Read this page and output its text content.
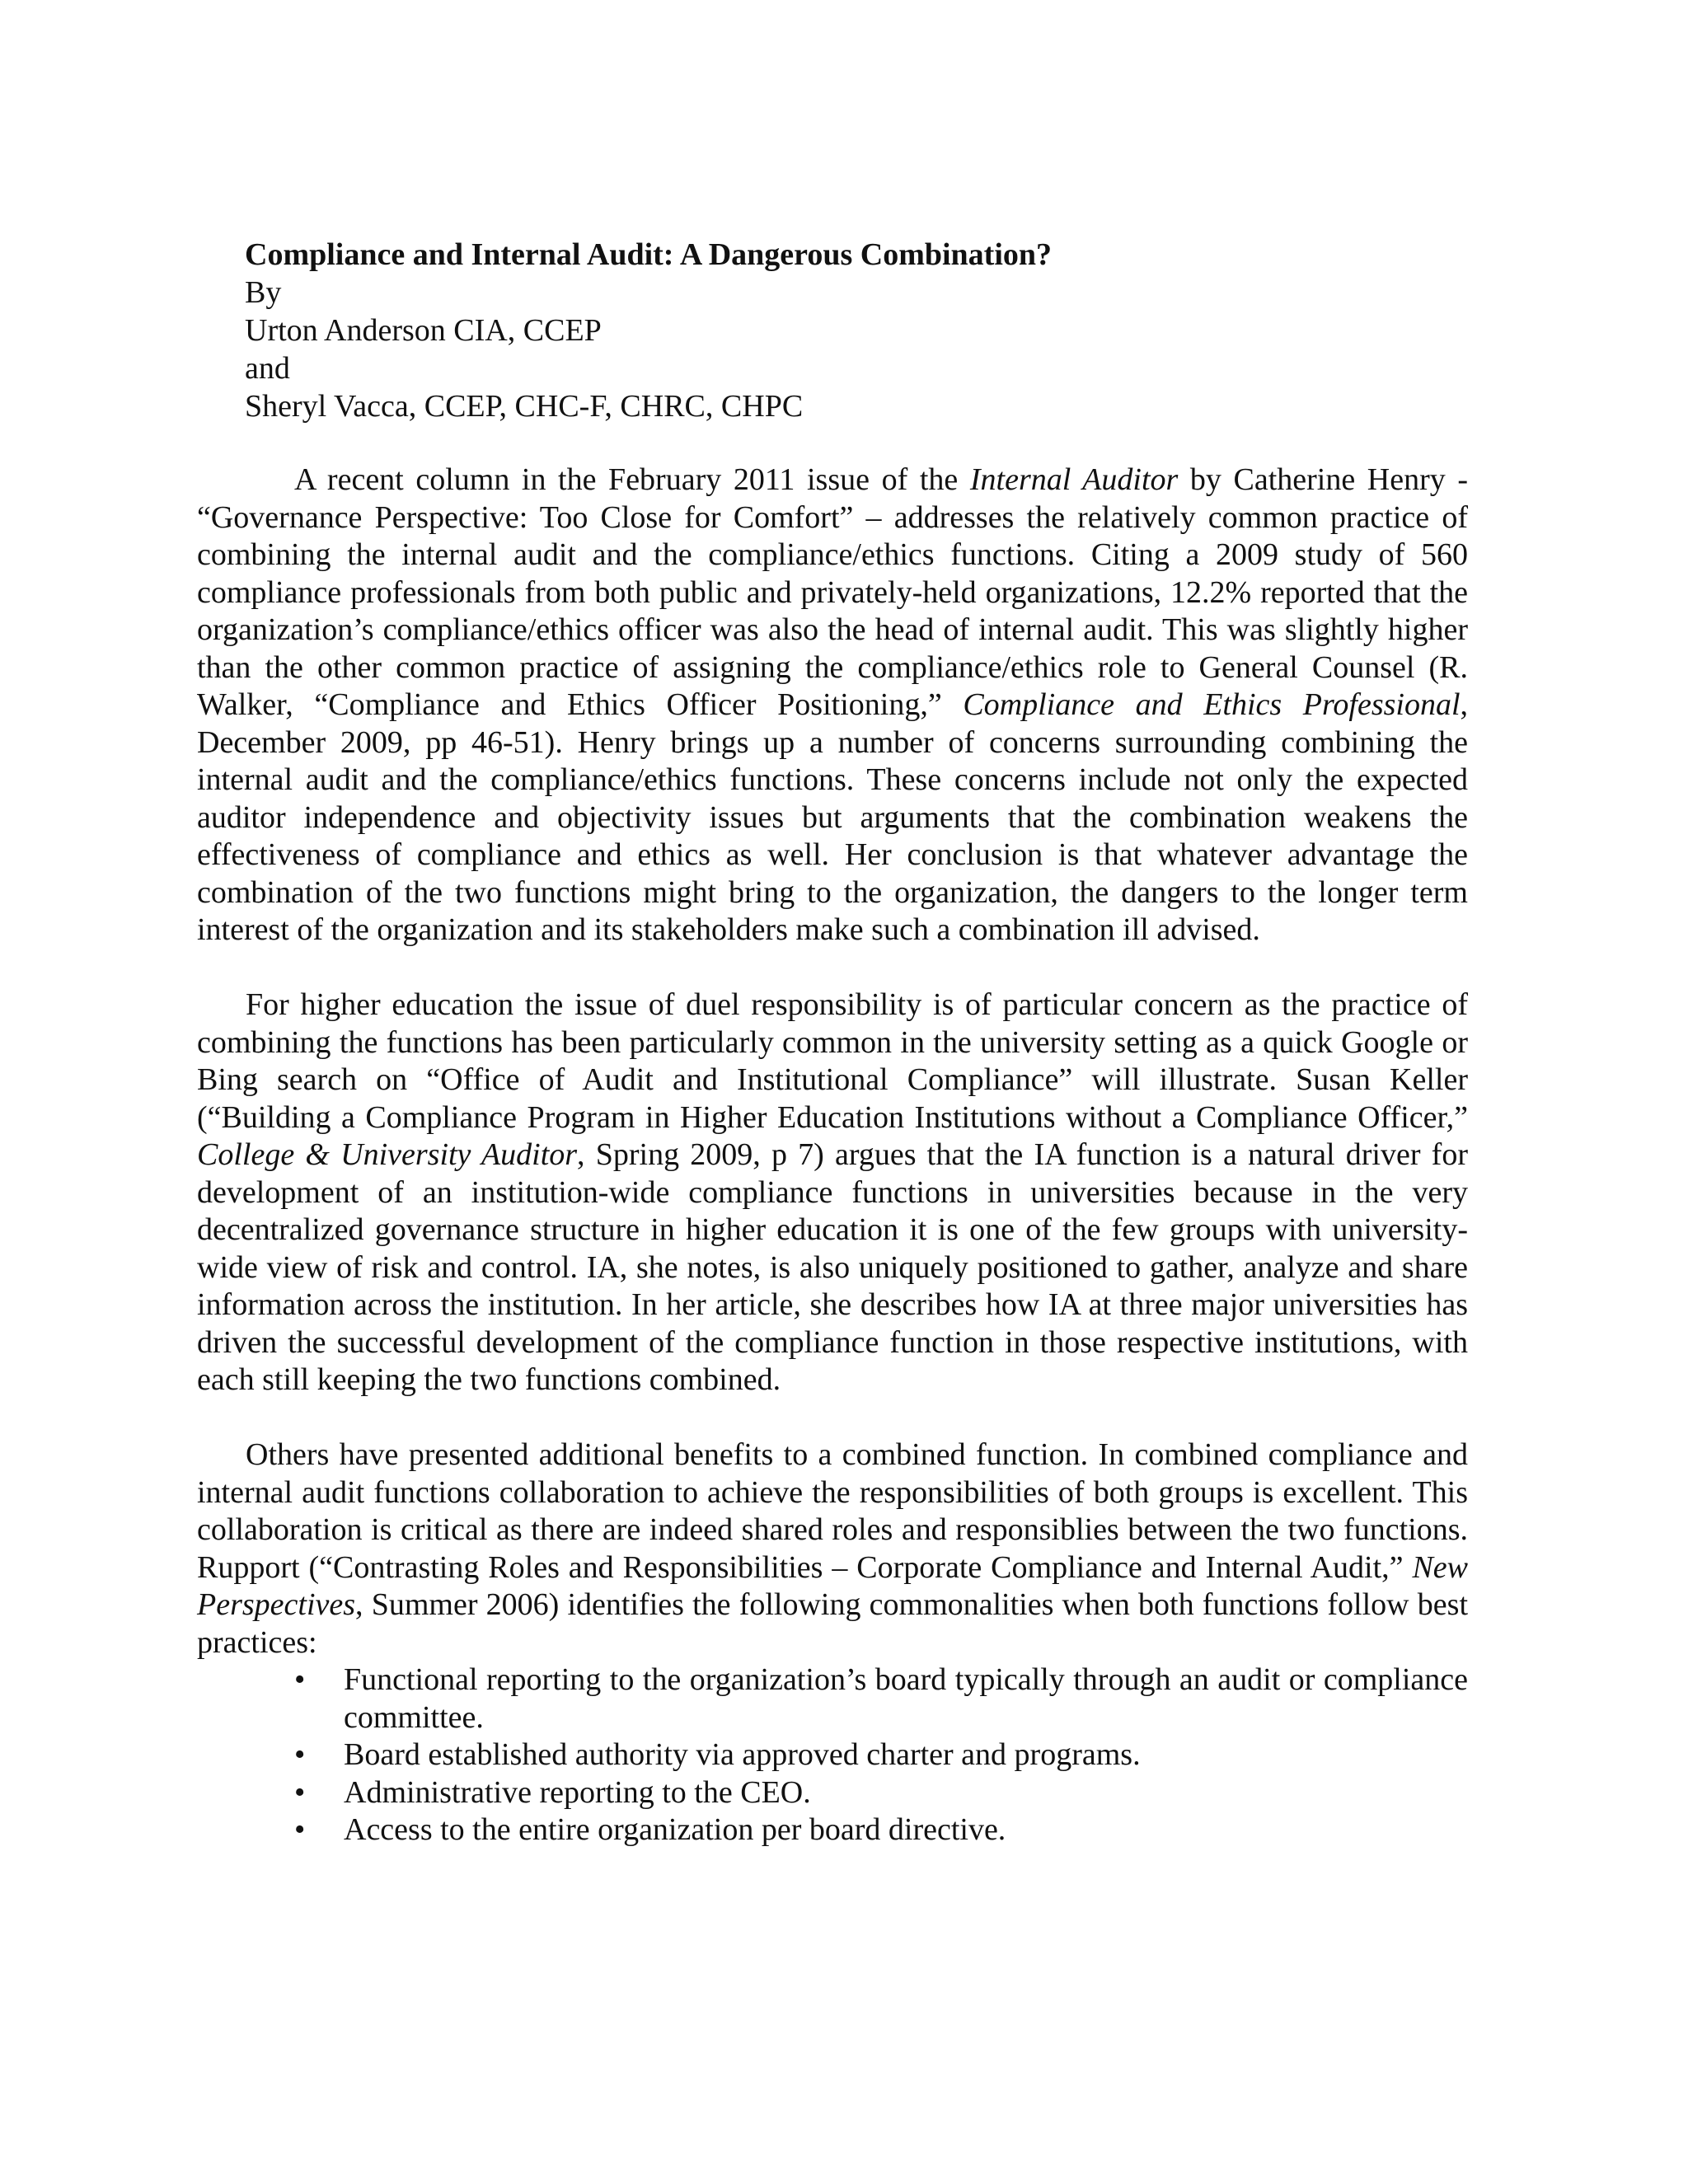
Compliance and Internal Audit: A Dangerous Combination?
By
Urton Anderson CIA, CCEP
and
Sheryl Vacca, CCEP, CHC-F, CHRC, CHPC

A recent column in the February 2011 issue of the Internal Auditor by Catherine Henry - “Governance Perspective: Too Close for Comfort” – addresses the relatively common practice of combining the internal audit and the compliance/ethics functions. Citing a 2009 study of 560 compliance professionals from both public and privately-held organizations, 12.2% reported that the organization’s compliance/ethics officer was also the head of internal audit. This was slightly higher than the other common practice of assigning the compliance/ethics role to General Counsel (R. Walker, “Compliance and Ethics Officer Positioning,” Compliance and Ethics Professional, December 2009, pp 46-51). Henry brings up a number of concerns surrounding combining the internal audit and the compliance/ethics functions. These concerns include not only the expected auditor independence and objectivity issues but arguments that the combination weakens the effectiveness of compliance and ethics as well. Her conclusion is that whatever advantage the combination of the two functions might bring to the organization, the dangers to the longer term interest of the organization and its stakeholders make such a combination ill advised.

For higher education the issue of duel responsibility is of particular concern as the practice of combining the functions has been particularly common in the university setting as a quick Google or Bing search on “Office of Audit and Institutional Compliance” will illustrate. Susan Keller (“Building a Compliance Program in Higher Education Institutions without a Compliance Officer,” College & University Auditor, Spring 2009, p 7) argues that the IA function is a natural driver for development of an institution-wide compliance functions in universities because in the very decentralized governance structure in higher education it is one of the few groups with university-wide view of risk and control. IA, she notes, is also uniquely positioned to gather, analyze and share information across the institution. In her article, she describes how IA at three major universities has driven the successful development of the compliance function in those respective institutions, with each still keeping the two functions combined.

Others have presented additional benefits to a combined function. In combined compliance and internal audit functions collaboration to achieve the responsibilities of both groups is excellent. This collaboration is critical as there are indeed shared roles and responsiblies between the two functions. Rupport (“Contrasting Roles and Responsibilities – Corporate Compliance and Internal Audit,” New Perspectives, Summer 2006) identifies the following commonalities when both functions follow best practices:

• Functional reporting to the organization’s board typically through an audit or compliance committee.
• Board established authority via approved charter and programs.
• Administrative reporting to the CEO.
• Access to the entire organization per board directive.
